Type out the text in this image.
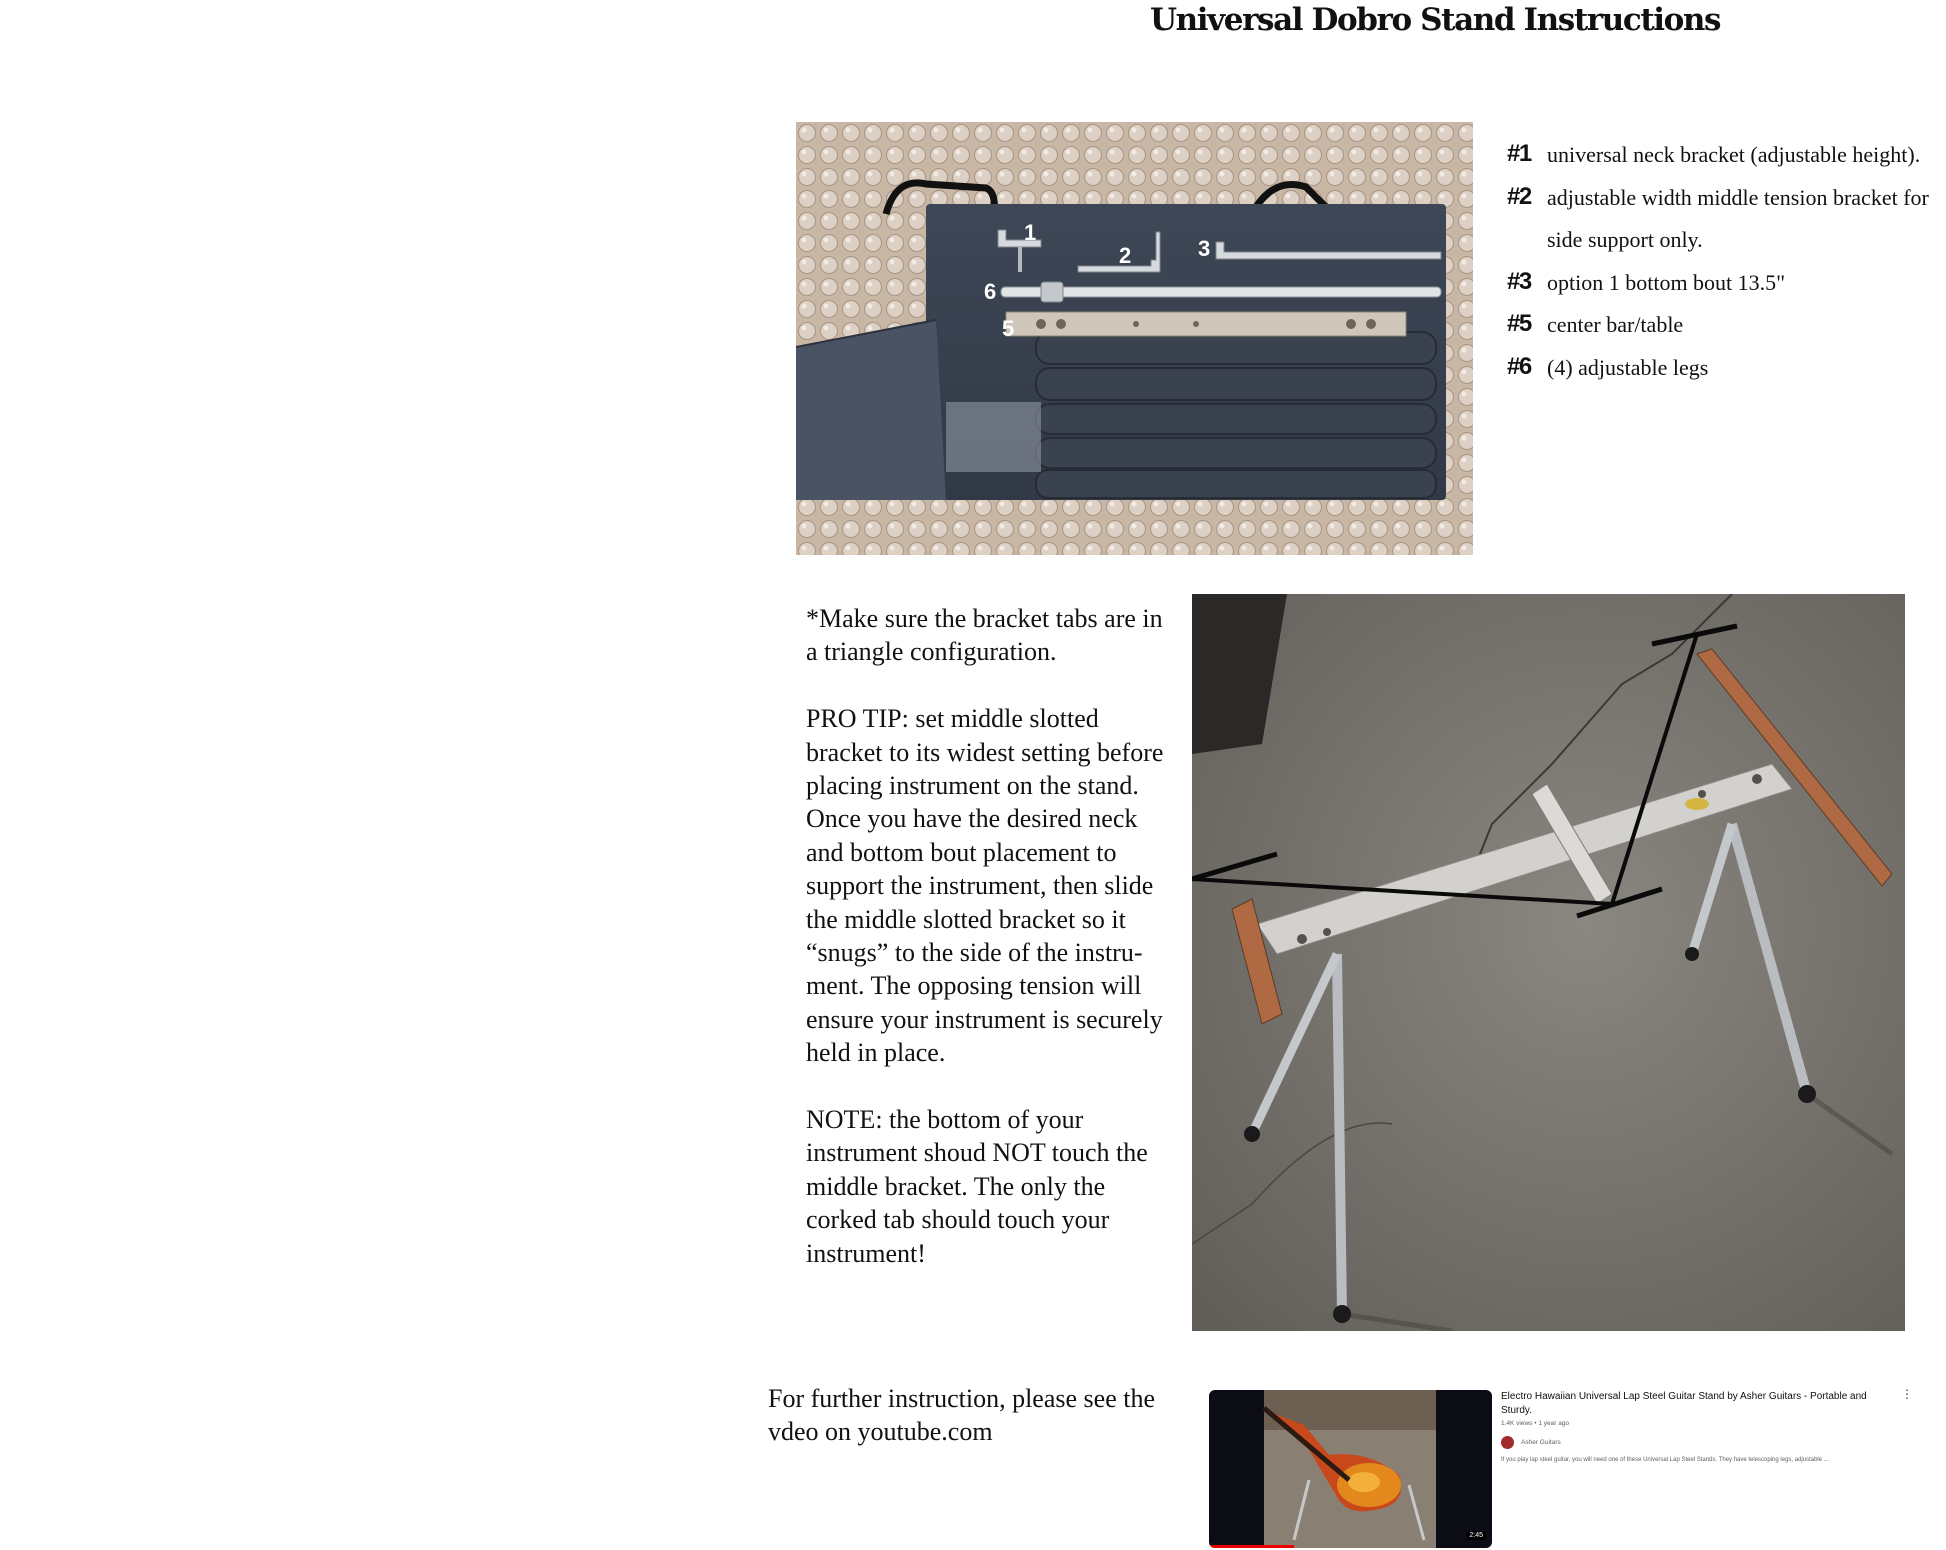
Universal Dobro Stand Instructions
1
2	3
6
5
#1 universal neck bracket (adjustable height).
#2 adjustable width middle tension bracket for side support only.
#3 option 1 bottom bout 13.5"
#5 center bar/table
#6 (4) adjustable legs

*Make sure the bracket tabs are in a triangle configuration.

PRO TIP: set middle slotted bracket to its widest setting before placing instrument on the stand. Once you have the desired neck and bottom bout placement to support the instrument, then slide the middle slotted bracket so it “snugs” to the side of the instru-ment. The opposing tension will ensure your instrument is securely held in place.

NOTE: the bottom of your instrument shoud NOT touch the middle bracket. The only the corked tab should touch your instrument!

For further instruction, please see the vdeo on youtube.com
2:45
Electro Hawaiian Universal Lap Steel Guitar Stand by Asher Guitars - Portable and Sturdy.
1.4K views • 1 year ago
Asher Guitars
If you play lap steel guitar, you will need one of these Universal Lap Steel Stands. They have telescoping legs, adjustable ...
⋮
